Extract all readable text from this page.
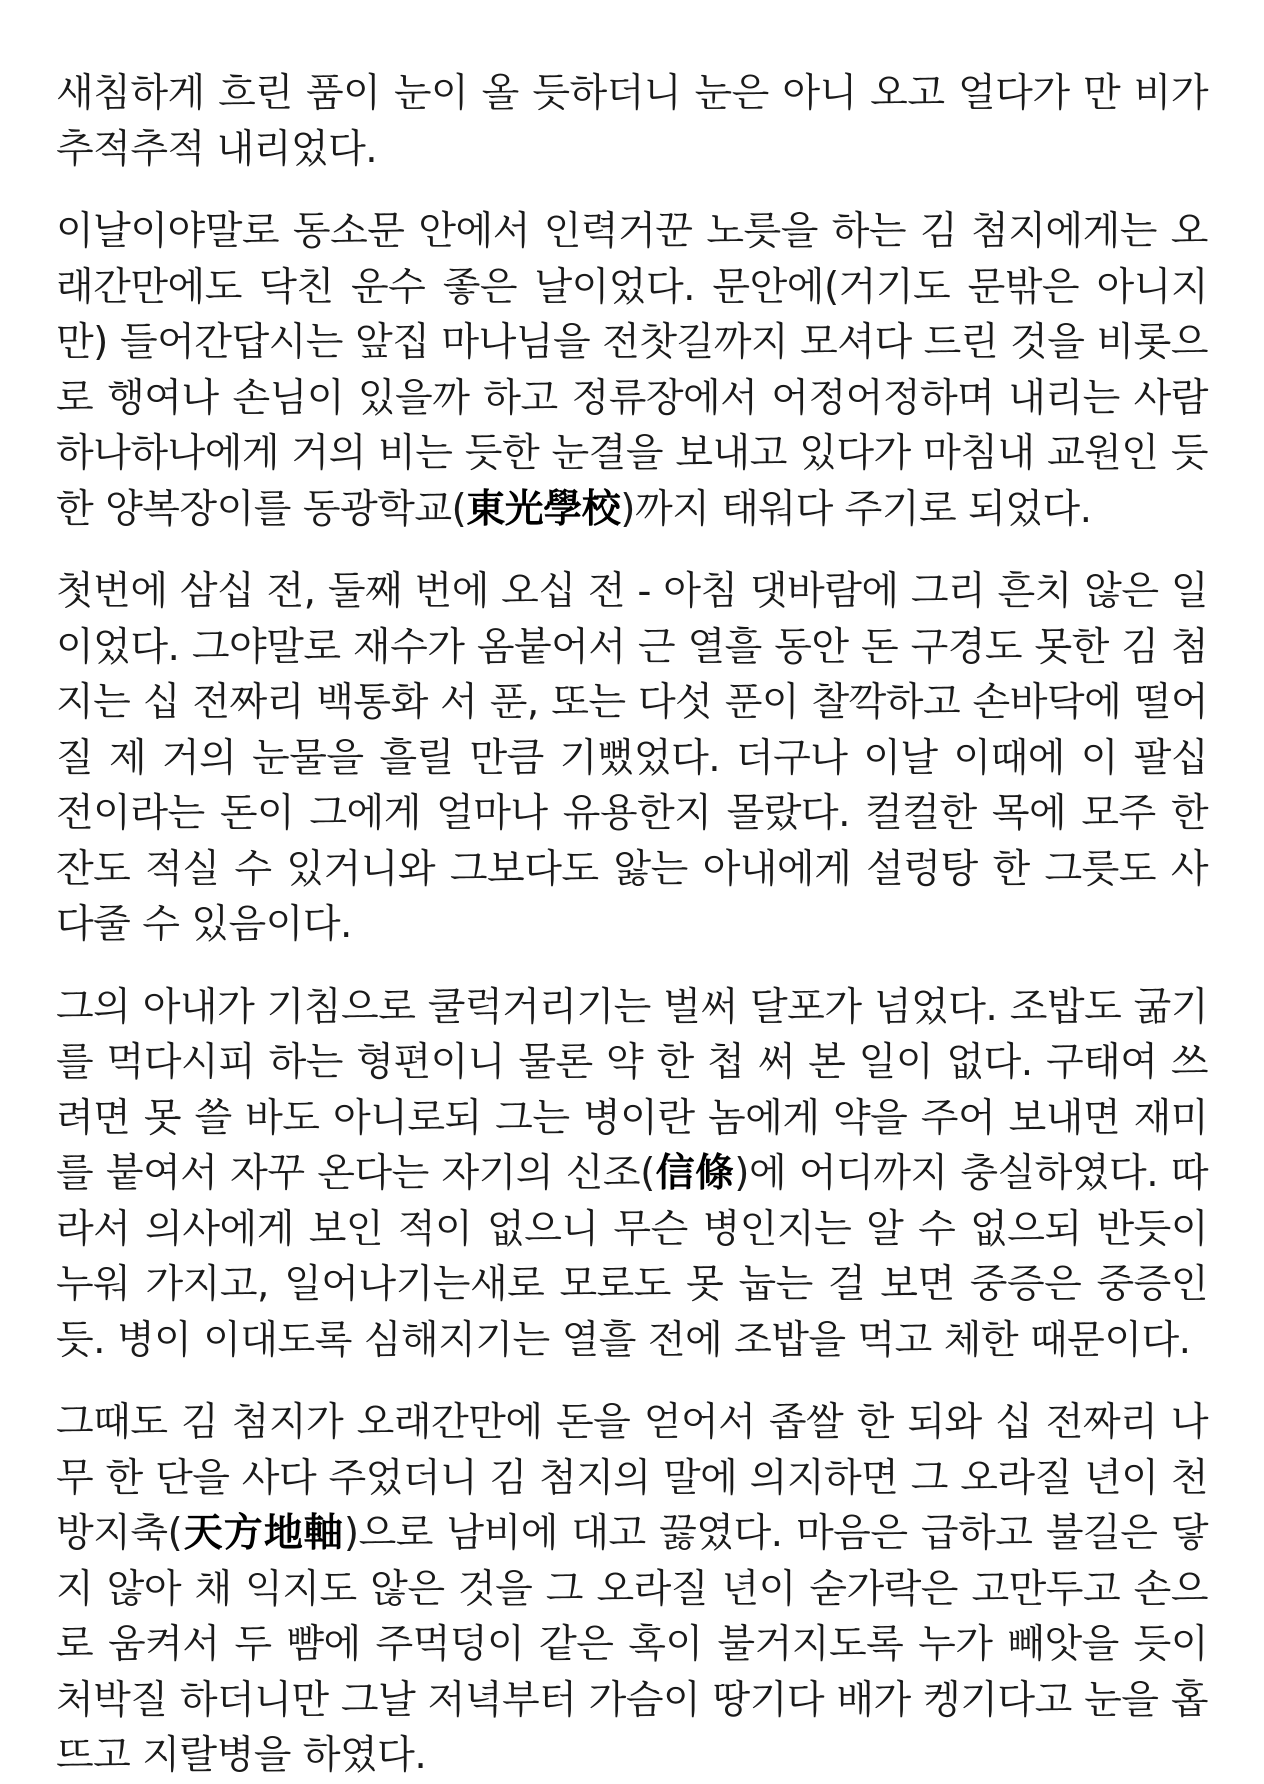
새침하게 흐린 품이 눈이 올 듯하더니 눈은 아니 오고 얼다가 만 비가 추적추적 내리었다.

이날이야말로 동소문 안에서 인력거꾼 노릇을 하는 김 첨지에게는 오래간만에도 닥친 운수 좋은 날이었다. 문안에(거기도 문밖은 아니지만) 들어간답시는 앞집 마나님을 전찻길까지 모셔다 드린 것을 비롯으로 행여나 손님이 있을까 하고 정류장에서 어정어정하며 내리는 사람 하나하나에게 거의 비는 듯한 눈결을 보내고 있다가 마침내 교원인 듯한 양복장이를 동광학교(東光學校)까지 태워다 주기로 되었다.

첫번에 삼십 전, 둘째 번에 오십 전 - 아침 댓바람에 그리 흔치 않은 일이었다. 그야말로 재수가 옴붙어서 근 열흘 동안 돈 구경도 못한 김 첨지는 십 전짜리 백통화 서 푼, 또는 다섯 푼이 찰깍하고 손바닥에 떨어질 제 거의 눈물을 흘릴 만큼 기뻤었다. 더구나 이날 이때에 이 팔십 전이라는 돈이 그에게 얼마나 유용한지 몰랐다. 컬컬한 목에 모주 한 잔도 적실 수 있거니와 그보다도 앓는 아내에게 설렁탕 한 그릇도 사다줄 수 있음이다.

그의 아내가 기침으로 쿨럭거리기는 벌써 달포가 넘었다. 조밥도 굶기를 먹다시피 하는 형편이니 물론 약 한 첩 써 본 일이 없다. 구태여 쓰려면 못 쓸 바도 아니로되 그는 병이란 놈에게 약을 주어 보내면 재미를 붙여서 자꾸 온다는 자기의 신조(信條)에 어디까지 충실하였다. 따라서 의사에게 보인 적이 없으니 무슨 병인지는 알 수 없으되 반듯이 누워 가지고, 일어나기는새로 모로도 못 눕는 걸 보면 중증은 중증인 듯. 병이 이대도록 심해지기는 열흘 전에 조밥을 먹고 체한 때문이다.

그때도 김 첨지가 오래간만에 돈을 얻어서 좁쌀 한 되와 십 전짜리 나무 한 단을 사다 주었더니 김 첨지의 말에 의지하면 그 오라질 년이 천방지축(天方地軸)으로 남비에 대고 끓였다. 마음은 급하고 불길은 닿지 않아 채 익지도 않은 것을 그 오라질 년이 숟가락은 고만두고 손으로 움켜서 두 뺨에 주먹덩이 같은 혹이 불거지도록 누가 빼앗을 듯이 처박질 하더니만 그날 저녁부터 가슴이 땅기다 배가 켕기다고 눈을 홉뜨고 지랄병을 하였다.
